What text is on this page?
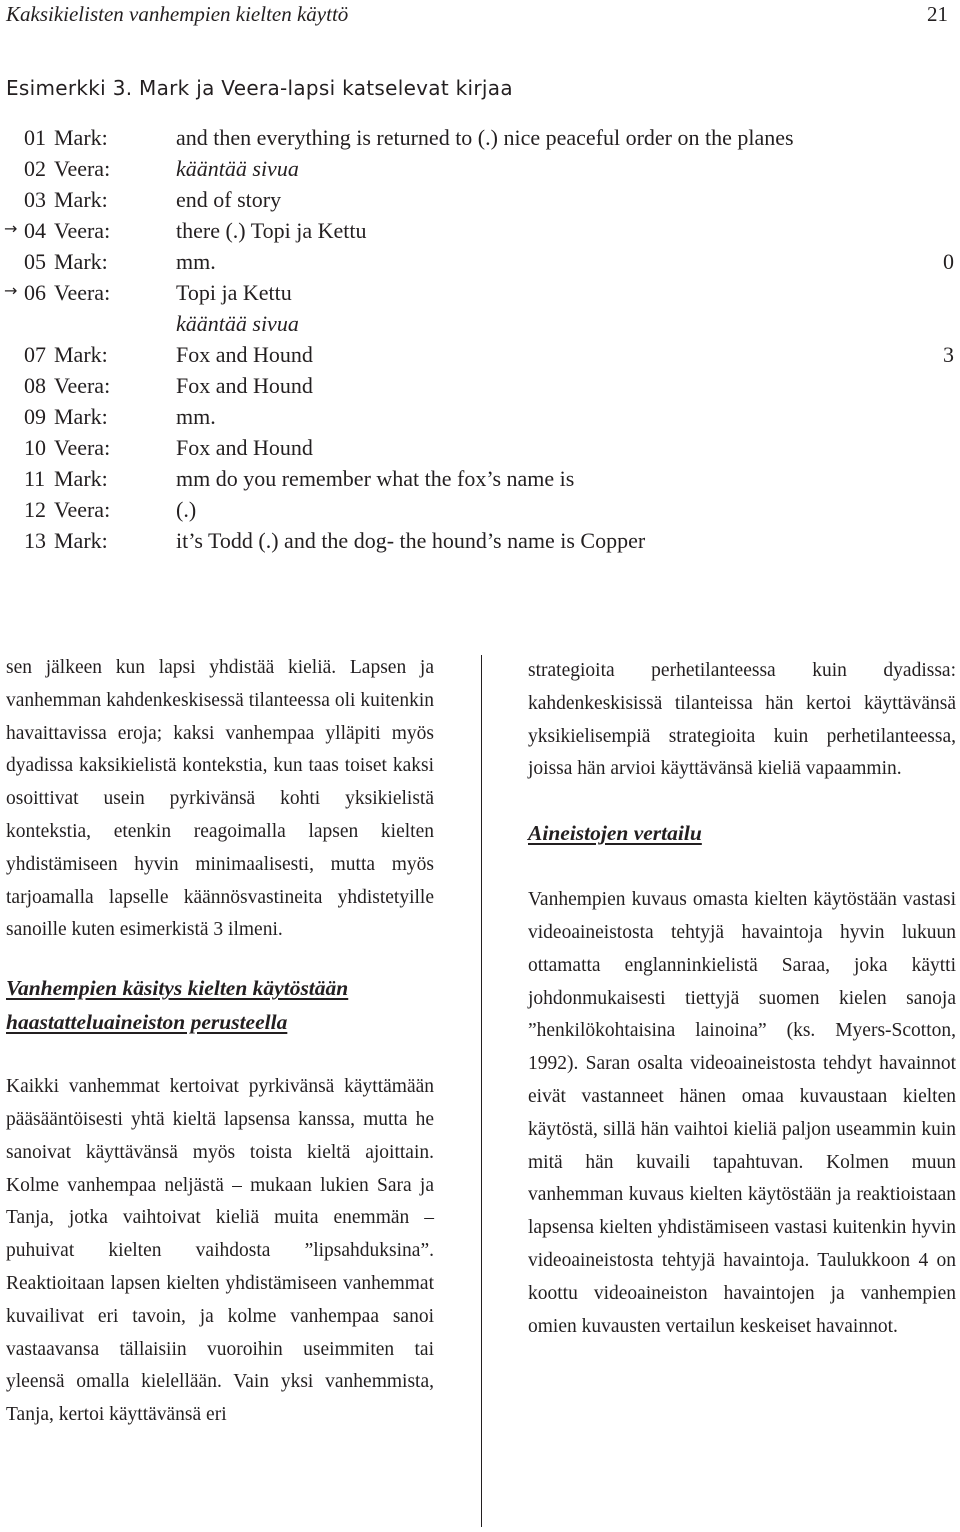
Kaksikielisten vanhempien kielten käyttö	21
Esimerkki 3. Mark ja Veera-lapsi katselevat kirjaa
01 Mark:	and then everything is returned to (.) nice peaceful order on the planes
02 Veera:	kääntää sivua
03 Mark:	end of story
→ 04 Veera:	there (.) Topi ja Kettu
05 Mark:	mm.	0
→ 06 Veera:	Topi ja Kettu
kääntää sivua
07 Mark:	Fox and Hound	3
08 Veera:	Fox and Hound
09 Mark:	mm.
10 Veera:	Fox and Hound
11 Mark:	mm do you remember what the fox’s name is
12 Veera:	(.)
13 Mark:	it’s Todd (.) and the dog- the hound’s name is Copper

sen jälkeen kun lapsi yhdistää kieliä. Lapsen ja vanhemman kahdenkeskisessä tilanteessa oli kuitenkin havaittavissa eroja; kaksi vanhempaa ylläpiti myös dyadissa kaksikielistä kontekstia, kun taas toiset kaksi osoittivat usein pyrkivänsä kohti yksikielistä kontekstia, etenkin reagoimalla lapsen kielten yhdistämiseen hyvin minimaalisesti, mutta myös tarjoamalla lapselle käännösvastineita yhdistetyille sanoille kuten esimerkistä 3 ilmeni.

Vanhempien käsitys kielten käytöstään haastatteluaineiston perusteella

Kaikki vanhemmat kertoivat pyrkivänsä käyttämään pääsääntöisesti yhtä kieltä lapsensa kanssa, mutta he sanoivat käyttävänsä myös toista kieltä ajoittain. Kolme vanhempaa neljästä – mukaan lukien Sara ja Tanja, jotka vaihtoivat kieliä muita enemmän – puhuivat kielten vaihdosta ”lipsahduksina”. Reaktioitaan lapsen kielten yhdistämiseen vanhemmat kuvailivat eri tavoin, ja kolme vanhempaa sanoi vastaavansa tällaisiin vuoroihin useimmiten tai yleensä omalla kielellään. Vain yksi vanhemmista, Tanja, kertoi käyttävänsä eri

strategioita perhetilanteessa kuin dyadissa: kahdenkeskisissä tilanteissa hän kertoi käyttävänsä yksikielisempiä strategioita kuin perhetilanteessa, joissa hän arvioi käyttävänsä kieliä vapaammin.

Aineistojen vertailu

Vanhempien kuvaus omasta kielten käytöstään vastasi videoaineistosta tehtyjä havaintoja hyvin lukuun ottamatta englanninkielistä Saraa, joka käytti johdonmukaisesti tiettyjä suomen kielen sanoja ”henkilökohtaisina lainoina” (ks. Myers-Scotton, 1992). Saran osalta videoaineistosta tehdyt havainnot eivät vastanneet hänen omaa kuvaustaan kielten käytöstä, sillä hän vaihtoi kieliä paljon useammin kuin mitä hän kuvaili tapahtuvan. Kolmen muun vanhemman kuvaus kielten käytöstään ja reaktioistaan lapsensa kielten yhdistämiseen vastasi kuitenkin hyvin videoaineistosta tehtyjä havaintoja. Taulukkoon 4 on koottu videoaineiston havaintojen ja vanhempien omien kuvausten vertailun keskeiset havainnot.
